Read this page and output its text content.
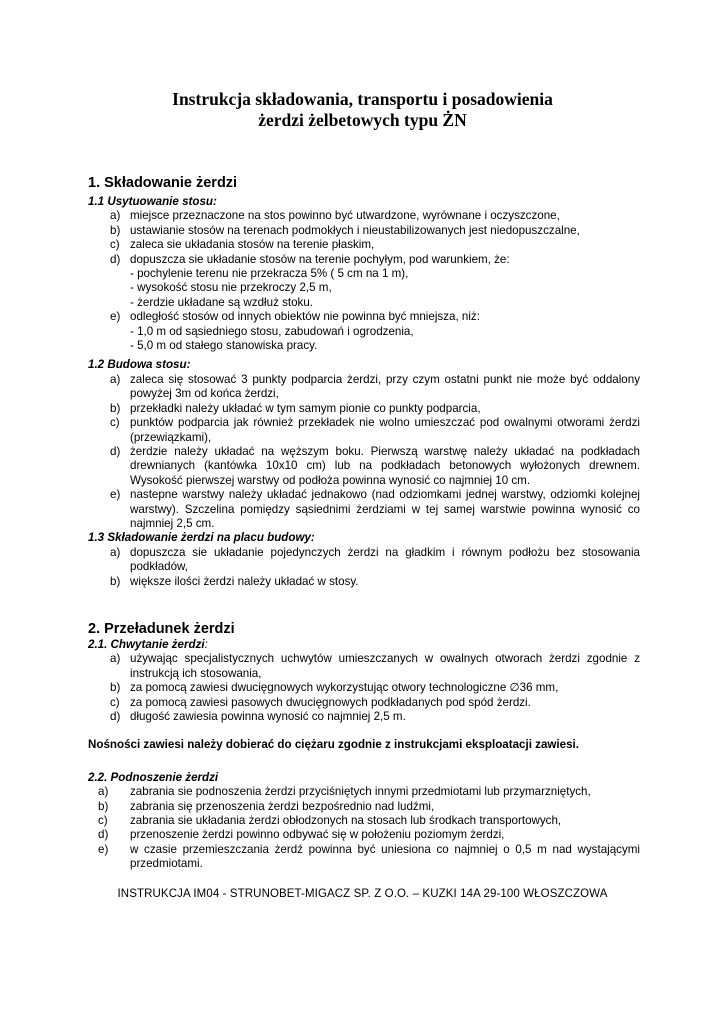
Instrukcja składowania, transportu i posadowienia
żerdzi żelbetowych typu ŻN
1. Składowanie żerdzi
1.1 Usytuowanie stosu:
a) miejsce przeznaczone na stos powinno być utwardzone, wyrównane i oczyszczone,
b) ustawianie stosów na terenach podmokłych i nieustabilizowanych jest niedopuszczalne,
c) zaleca sie układania stosów na terenie płaskim,
d) dopuszcza sie układanie stosów na terenie pochyłym, pod warunkiem, że:
- pochylenie terenu nie przekracza 5% ( 5 cm na 1 m),
- wysokość stosu nie przekroczy 2,5 m,
- żerdzie układane są wzdłuż stoku.
e) odległość stosów od innych obiektów nie powinna być mniejsza, niż:
- 1,0 m od sąsiedniego stosu, zabudowań i ogrodzenia,
- 5,0 m od stałego stanowiska pracy.
1.2 Budowa stosu:
a) zaleca się stosować 3 punkty podparcia żerdzi, przy czym ostatni punkt nie może być oddalony powyżej 3m od końca żerdzi,
b) przekładki należy układać w tym samym pionie co punkty podparcia,
c) punktów podparcia jak również przekładek nie wolno umieszczać pod owalnymi otworami żerdzi (przewiązkami),
d) żerdzie należy układać na węższym boku. Pierwszą warstwę należy układać na podkładach drewnianych (kantówka 10x10 cm) lub na podkładach betonowych wyłożonych drewnem. Wysokość pierwszej warstwy od podłoża powinna wynosić co najmniej 10 cm.
e) nastepne warstwy należy układać jednakowo (nad odziomkami jednej warstwy, odziomki kolejnej warstwy). Szczelina pomiędzy sąsiednimi żerdziami w tej samej warstwie powinna wynosić co najmniej 2,5 cm.
1.3 Składowanie żerdzi na placu budowy:
a) dopuszcza sie układanie pojedynczych żerdzi na gładkim i równym podłożu bez stosowania podkładów,
b) większe ilości żerdzi należy układać w stosy.
2. Przeładunek żerdzi
2.1. Chwytanie żerdzi:
a) używając specjalistycznych uchwytów umieszczanych w owalnych otworach żerdzi zgodnie z instrukcją ich stosowania,
b) za pomocą zawiesi dwucięgnowych wykorzystując otwory technologiczne ∅36 mm,
c) za pomocą zawiesi pasowych dwucięgnowych podkładanych pod spód żerdzi.
d) długość zawiesia powinna wynosić co najmniej 2,5 m.
Nośności zawiesi należy dobierać do ciężaru zgodnie z instrukcjami eksploatacji zawiesi.
2.2. Podnoszenie żerdzi
a) zabrania sie podnoszenia żerdzi przyciśniętych innymi przedmiotami lub przymarzniętych,
b) zabrania się przenoszenia żerdzi bezpośrednio nad ludźmi,
c) zabrania sie układania żerdzi obłodzonych na stosach lub środkach transportowych,
d) przenoszenie żerdzi powinno odbywać się w położeniu poziomym żerdzi,
e) w czasie przemieszczania żerdź powinna być uniesiona co najmniej o 0,5 m nad wystającymi przedmiotami.
INSTRUKCJA IM04 - STRUNOBET-MIGACZ SP. Z O.O. – KUZKI 14A 29-100 WŁOSZCZOWA
